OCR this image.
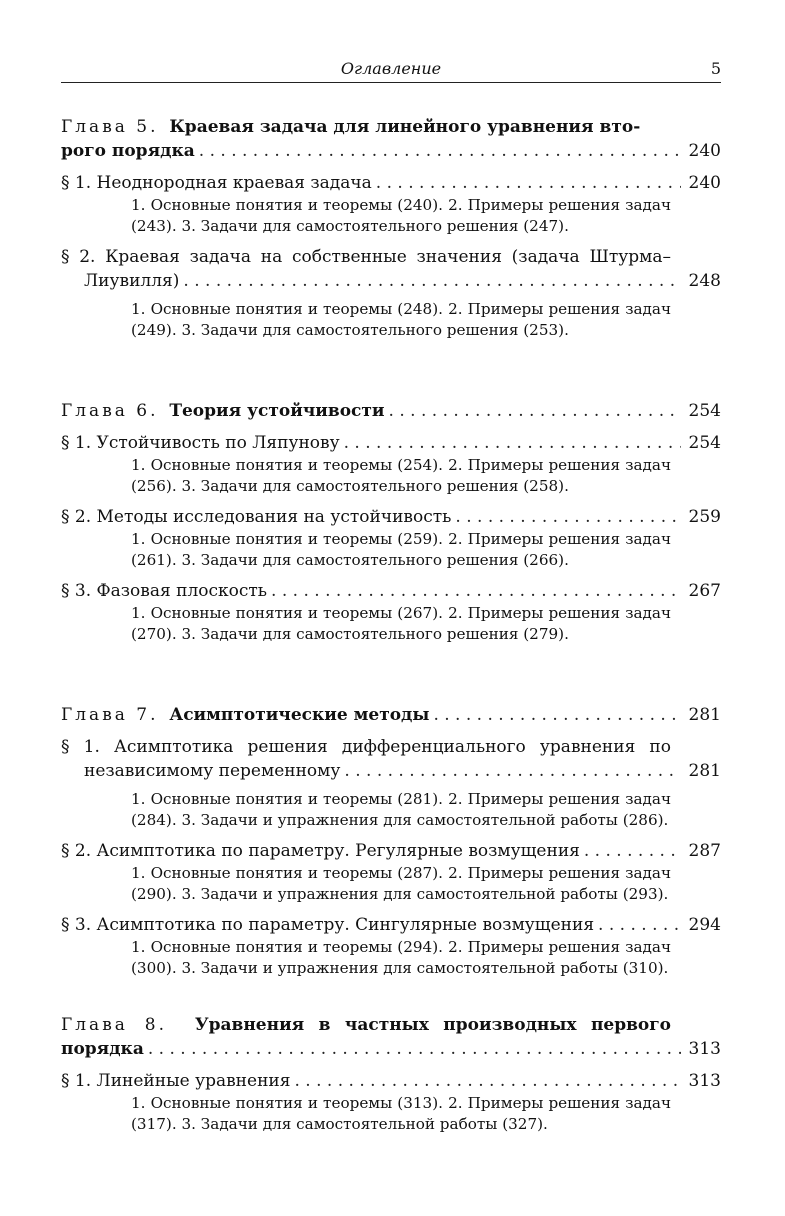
Оглавление	5
Глава 5. Краевая задача для линейного уравнения вто-
рого порядка . . .	240
§ 1. Неоднородная краевая задача . . .	240
1. Основные понятия и теоремы (240). 2. Примеры решения задач (243). 3. Задачи для самостоятельного решения (247).
§ 2. Краевая задача на собственные значения (задача Штурма–
Лиувилля) . . .	248
1. Основные понятия и теоремы (248). 2. Примеры решения задач (249). 3. Задачи для самостоятельного решения (253).
Глава 6. Теория устойчивости . . .	254
§ 1. Устойчивость по Ляпунову . . .	254
1. Основные понятия и теоремы (254). 2. Примеры решения задач (256). 3. Задачи для самостоятельного решения (258).
§ 2. Методы исследования на устойчивость . . .	259
1. Основные понятия и теоремы (259). 2. Примеры решения задач (261). 3. Задачи для самостоятельного решения (266).
§ 3. Фазовая плоскость . . .	267
1. Основные понятия и теоремы (267). 2. Примеры решения задач (270). 3. Задачи для самостоятельного решения (279).
Глава 7. Асимптотические методы . . .	281
§ 1. Асимптотика решения дифференциального уравнения по
независимому переменному . . .	281
1. Основные понятия и теоремы (281). 2. Примеры решения задач (284). 3. Задачи и упражнения для самостоятельной работы (286).
§ 2. Асимптотика по параметру. Регулярные возмущения . . .	287
1. Основные понятия и теоремы (287). 2. Примеры решения задач (290). 3. Задачи и упражнения для самостоятельной работы (293).
§ 3. Асимптотика по параметру. Сингулярные возмущения . . .	294
1. Основные понятия и теоремы (294). 2. Примеры решения задач (300). 3. Задачи и упражнения для самостоятельной работы (310).
Глава 8. Уравнения в частных производных первого
порядка . . .	313
§ 1. Линейные уравнения . . .	313
1. Основные понятия и теоремы (313). 2. Примеры решения задач (317). 3. Задачи для самостоятельной работы (327).
